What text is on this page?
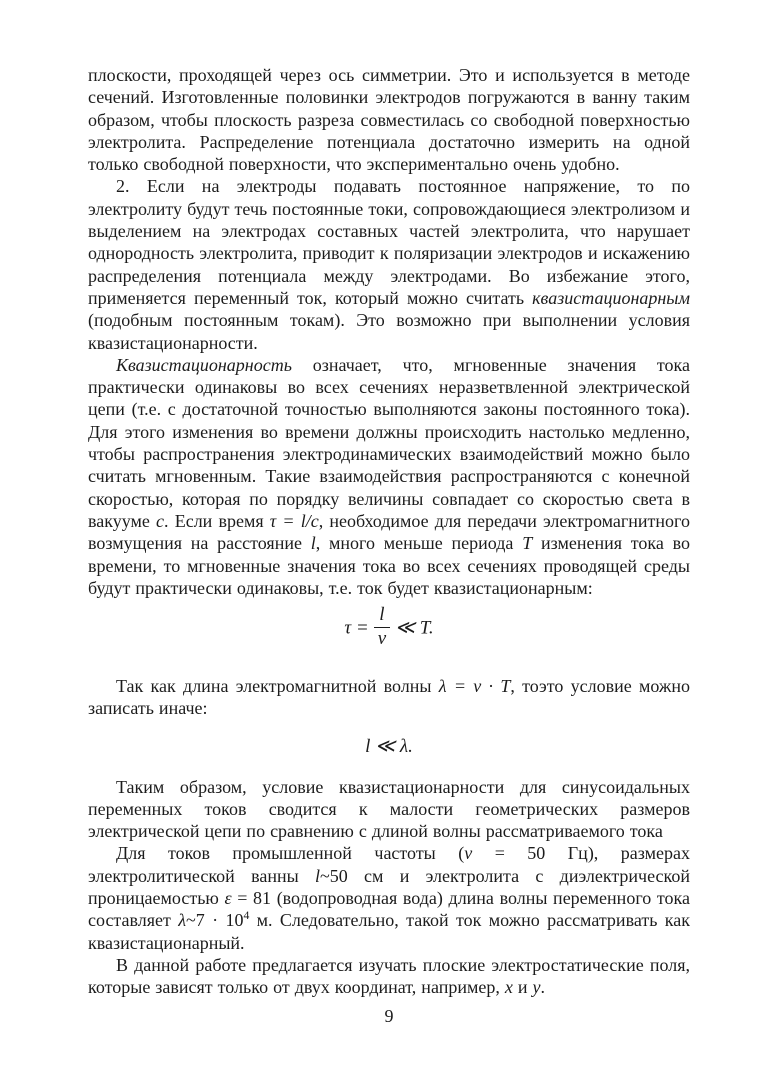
плоскости, проходящей через ось симметрии. Это и используется в методе сечений. Изготовленные половинки электродов погружаются в ванну таким образом, чтобы плоскость разреза совместилась со свободной поверхностью электролита. Распределение потенциала достаточно измерить на одной только свободной поверхности, что экспериментально очень удобно.

2. Если на электроды подавать постоянное напряжение, то по электролиту будут течь постоянные токи, сопровождающиеся электролизом и выделением на электродах составных частей электролита, что нарушает однородность электролита, приводит к поляризации электродов и искажению распределения потенциала между электродами. Во избежание этого, применяется переменный ток, который можно считать квазистационарным (подобным постоянным токам). Это возможно при выполнении условия квазистационарности.

Квазистационарность означает, что, мгновенные значения тока практически одинаковы во всех сечениях неразветвленной электрической цепи (т.е. с достаточной точностью выполняются законы постоянного тока). Для этого изменения во времени должны происходить настолько медленно, чтобы распространения электродинамических взаимодействий можно было считать мгновенным. Такие взаимодействия распространяются с конечной скоростью, которая по порядку величины совпадает со скоростью света в вакууме c. Если время τ = l/c, необходимое для передачи электромагнитного возмущения на расстояние l, много меньше периода T изменения тока во времени, то мгновенные значения тока во всех сечениях проводящей среды будут практически одинаковы, т.е. ток будет квазистационарным:

$\tau = \frac{l}{v}$ ≪ T.

Так как длина электромагнитной волны λ = v · T, тоэто условие можно записать иначе:

l ≪ λ.

Таким образом, условие квазистационарности для синусоидальных переменных токов сводится к малости геометрических размеров электрической цепи по сравнению с длиной волны рассматриваемого тока

Для токов промышленной частоты (ν = 50 Гц), размерах электролитической ванны l~50 см и электролита с диэлектрической проницаемостью ε = 81 (водопроводная вода) длина волны переменного тока составляет λ~7 · $10^4$ м. Следовательно, такой ток можно рассматривать как квазистационарный.

В данной работе предлагается изучать плоские электростатические поля, которые зависят только от двух координат, например, x и y.

9
